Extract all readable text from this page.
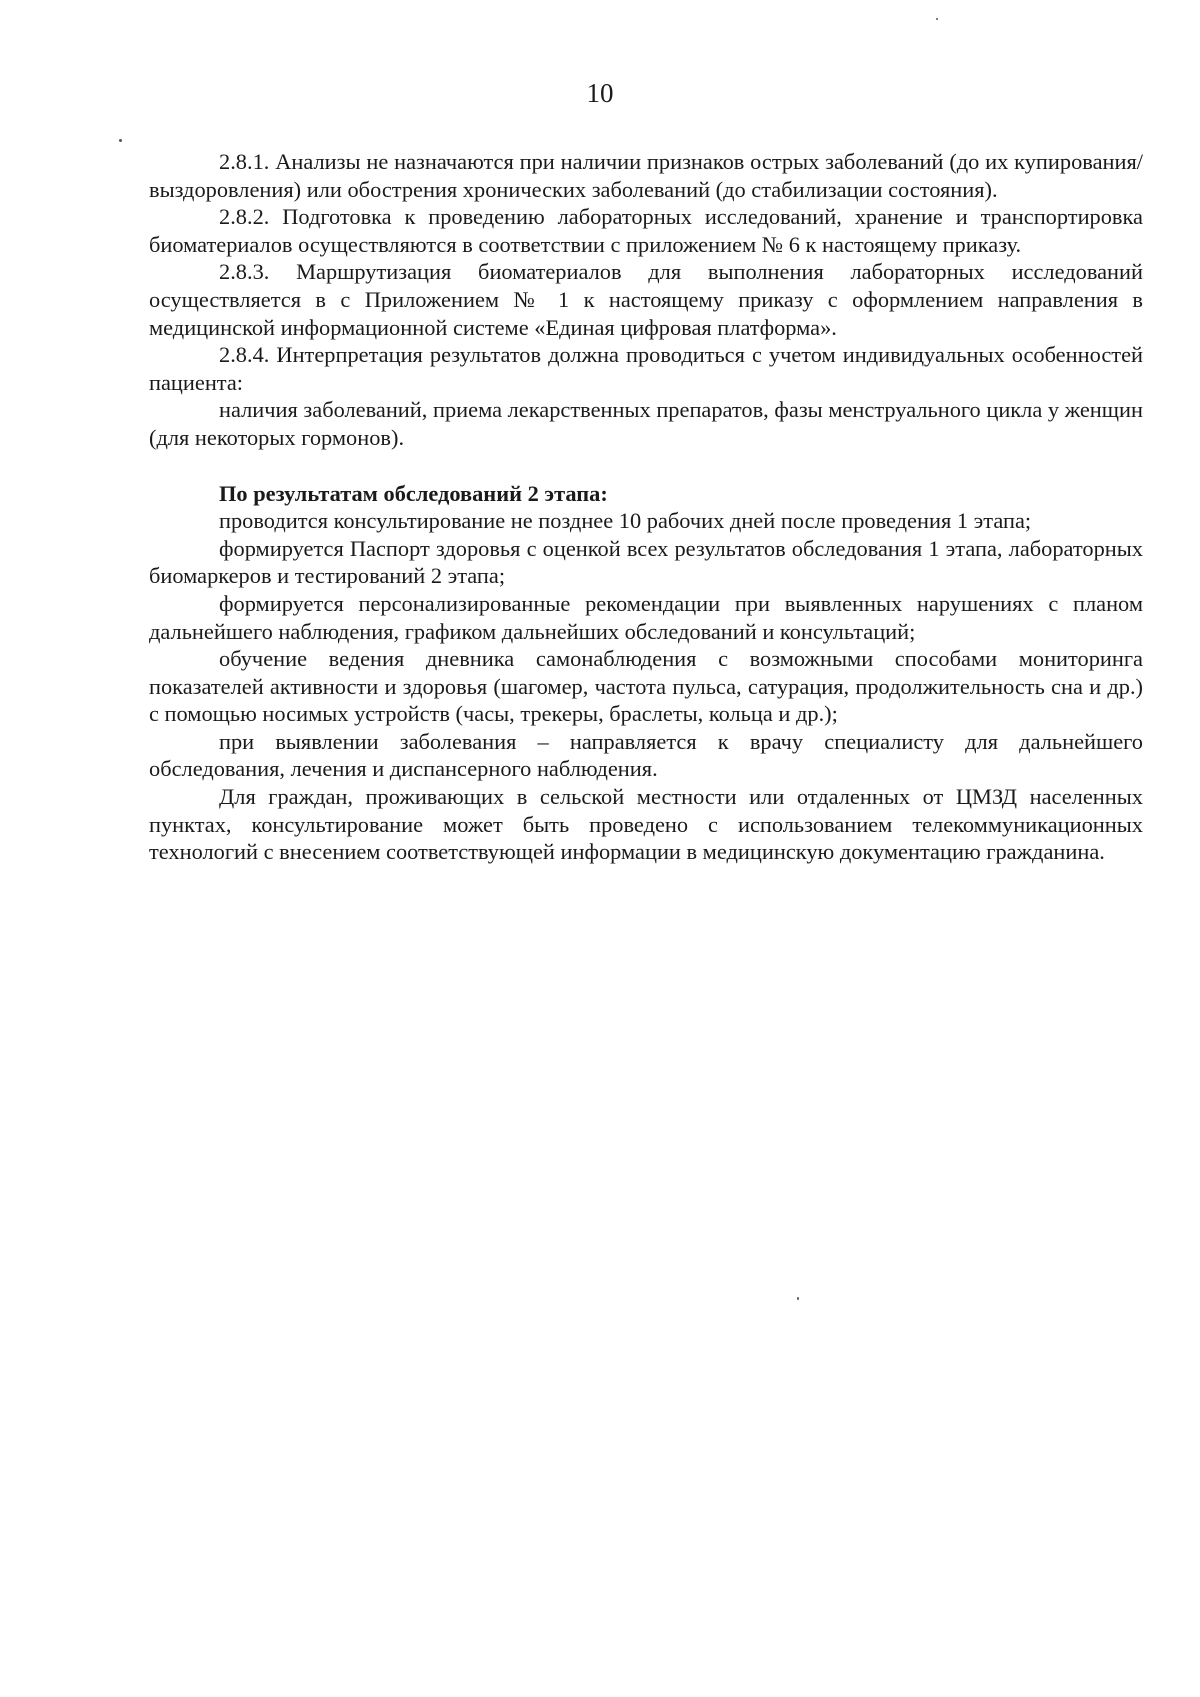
10

2.8.1. Анализы не назначаются при наличии признаков острых заболеваний (до их купирования/выздоровления) или обострения хронических заболеваний (до стабилизации состояния).

2.8.2. Подготовка к проведению лабораторных исследований, хранение и транспортировка биоматериалов осуществляются в соответствии с приложением № 6 к настоящему приказу.

2.8.3. Маршрутизация биоматериалов для выполнения лабораторных исследований осуществляется в с Приложением № 1 к настоящему приказу с оформлением направления в медицинской информационной системе «Единая цифровая платформа».

2.8.4. Интерпретация результатов должна проводиться с учетом индивидуальных особенностей пациента:

наличия заболеваний, приема лекарственных препаратов, фазы менструального цикла у женщин (для некоторых гормонов).

По результатам обследований 2 этапа:

проводится консультирование не позднее 10 рабочих дней после проведения 1 этапа;

формируется Паспорт здоровья с оценкой всех результатов обследования 1 этапа, лабораторных биомаркеров и тестирований 2 этапа;

формируется персонализированные рекомендации при выявленных нарушениях с планом дальнейшего наблюдения, графиком дальнейших обследований и консультаций;

обучение ведения дневника самонаблюдения с возможными способами мониторинга показателей активности и здоровья (шагомер, частота пульса, сатурация, продолжительность сна и др.) с помощью носимых устройств (часы, трекеры, браслеты, кольца и др.);

при выявлении заболевания – направляется к врачу специалисту для дальнейшего обследования, лечения и диспансерного наблюдения.

Для граждан, проживающих в сельской местности или отдаленных от ЦМЗД населенных пунктах, консультирование может быть проведено с использованием телекоммуникационных технологий с внесением соответствующей информации в медицинскую документацию гражданина.
